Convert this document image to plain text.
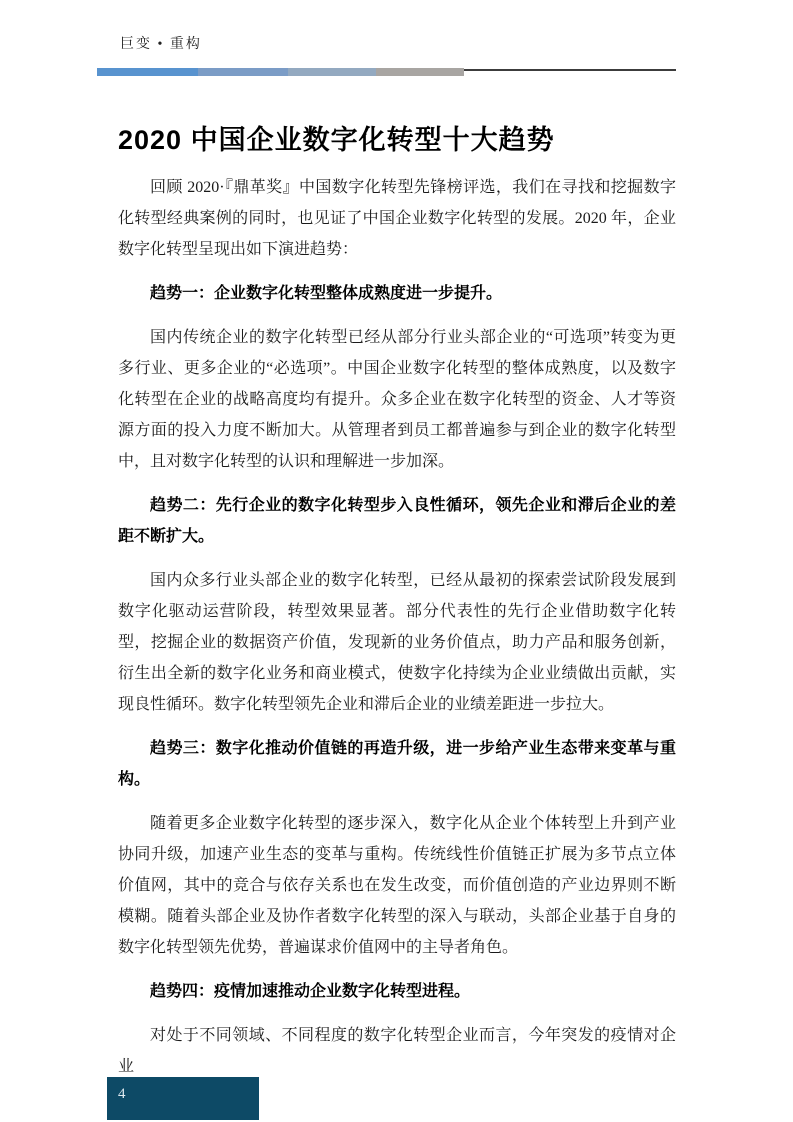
巨变 • 重构
2020 中国企业数字化转型十大趋势

回顾 2020·『鼎革奖』中国数字化转型先锋榜评选，我们在寻找和挖掘数字化转型经典案例的同时，也见证了中国企业数字化转型的发展。2020 年，企业数字化转型呈现出如下演进趋势：

趋势一：企业数字化转型整体成熟度进一步提升。

国内传统企业的数字化转型已经从部分行业头部企业的“可选项”转变为更多行业、更多企业的“必选项”。中国企业数字化转型的整体成熟度，以及数字化转型在企业的战略高度均有提升。众多企业在数字化转型的资金、人才等资源方面的投入力度不断加大。从管理者到员工都普遍参与到企业的数字化转型中，且对数字化转型的认识和理解进一步加深。

趋势二：先行企业的数字化转型步入良性循环，领先企业和滞后企业的差距不断扩大。

国内众多行业头部企业的数字化转型，已经从最初的探索尝试阶段发展到数字化驱动运营阶段，转型效果显著。部分代表性的先行企业借助数字化转型，挖掘企业的数据资产价值，发现新的业务价值点，助力产品和服务创新，衍生出全新的数字化业务和商业模式，使数字化持续为企业业绩做出贡献，实现良性循环。数字化转型领先企业和滞后企业的业绩差距进一步拉大。

趋势三：数字化推动价值链的再造升级，进一步给产业生态带来变革与重构。

随着更多企业数字化转型的逐步深入，数字化从企业个体转型上升到产业协同升级，加速产业生态的变革与重构。传统线性价值链正扩展为多节点立体价值网，其中的竞合与依存关系也在发生改变，而价值创造的产业边界则不断模糊。随着头部企业及协作者数字化转型的深入与联动，头部企业基于自身的数字化转型领先优势，普遍谋求价值网中的主导者角色。

趋势四：疫情加速推动企业数字化转型进程。

对处于不同领域、不同程度的数字化转型企业而言，今年突发的疫情对企业

4
